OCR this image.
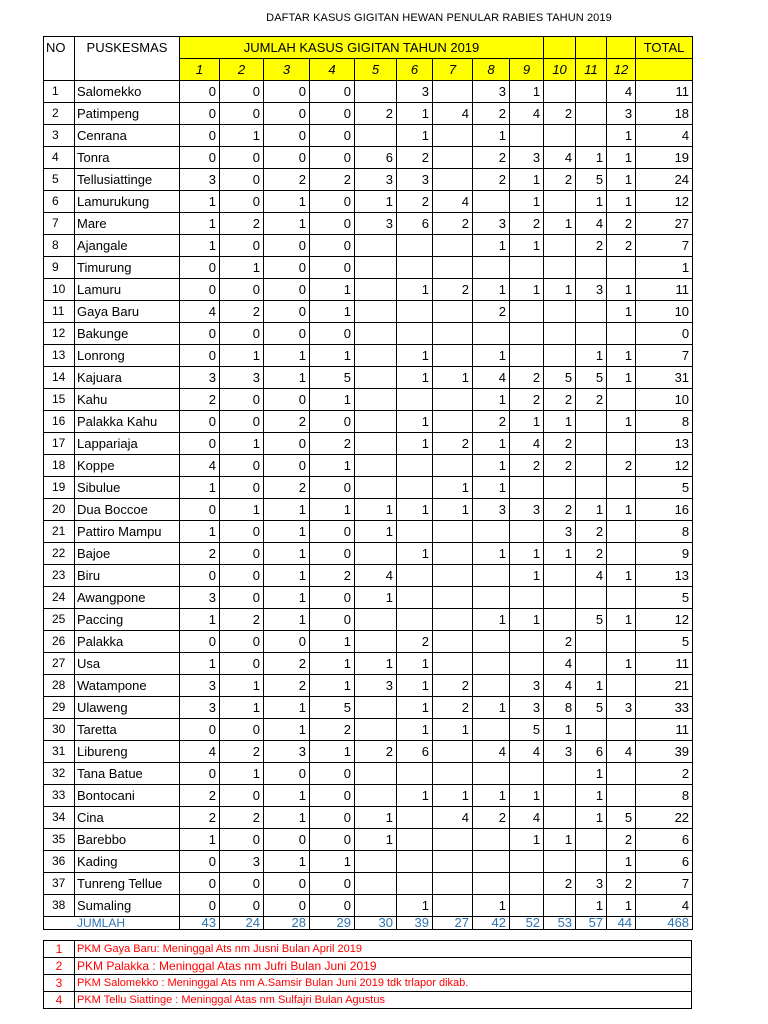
DAFTAR KASUS GIGITAN HEWAN PENULAR RABIES TAHUN 2019
NO	PUSKESMAS	JUMLAH KASUS GIGITAN TAHUN 2019												TOTAL
		1	2	3	4	5	6	7	8	9	10	11	12	
1	Salomekko	0	0	0	0		3		3	1			4	11
2	Patimpeng	0	0	0	0	2	1	4	2	4	2		3	18
3	Cenrana	0	1	0	0		1		1				1	4
4	Tonra	0	0	0	0	6	2		2	3	4	1	1	19
5	Tellusiattinge	3	0	2	2	3	3		2	1	2	5	1	24
6	Lamurukung	1	0	1	0	1	2	4		1		1	1	12
7	Mare	1	2	1	0	3	6	2	3	2	1	4	2	27
8	Ajangale	1	0	0	0				1	1		2	2	7
9	Timurung	0	1	0	0									1
10	Lamuru	0	0	0	1		1	2	1	1	1	3	1	11
11	Gaya Baru	4	2	0	1				2				1	10
12	Bakunge	0	0	0	0									0
13	Lonrong	0	1	1	1		1		1			1	1	7
14	Kajuara	3	3	1	5		1	1	4	2	5	5	1	31
15	Kahu	2	0	0	1				1	2	2	2		10
16	Palakka Kahu	0	0	2	0		1		2	1	1		1	8
17	Lappariaja	0	1	0	2		1	2	1	4	2			13
18	Koppe	4	0	0	1				1	2	2		2	12
19	Sibulue	1	0	2	0			1	1					5
20	Dua Boccoe	0	1	1	1	1	1	1	3	3	2	1	1	16
21	Pattiro Mampu	1	0	1	0	1					3	2		8
22	Bajoe	2	0	1	0		1		1	1	1	2		9
23	Biru	0	0	1	2	4				1		4	1	13
24	Awangpone	3	0	1	0	1								5
25	Paccing	1	2	1	0				1	1		5	1	12
26	Palakka	0	0	0	1		2				2			5
27	Usa	1	0	2	1	1	1				4		1	11
28	Watampone	3	1	2	1	3	1	2		3	4	1		21
29	Ulaweng	3	1	1	5		1	2	1	3	8	5	3	33
30	Taretta	0	0	1	2		1	1		5	1			11
31	Libureng	4	2	3	1	2	6		4	4	3	6	4	39
32	Tana Batue	0	1	0	0							1		2
33	Bontocani	2	0	1	0		1	1	1	1		1		8
34	Cina	2	2	1	0	1		4	2	4		1	5	22
35	Barebbo	1	0	0	0	1				1	1		2	6
36	Kading	0	3	1	1								1	6
37	Tunreng Tellue	0	0	0	0						2	3	2	7
38	Sumaling	0	0	0	0		1		1			1	1	4
JUMLAH		43	24	28	29	30	39	27	42	52	53	57	44	468
1	PKM Gaya Baru: Meninggal Ats nm Jusni Bulan April 2019
2	PKM Palakka : Meninggal Atas nm Jufri Bulan Juni 2019
3	PKM Salomekko : Meninggal Ats nm A.Samsir Bulan Juni 2019 tdk trlapor dikab.
4	PKM Tellu Siattinge : Meninggal Atas nm Sulfajri Bulan Agustus
